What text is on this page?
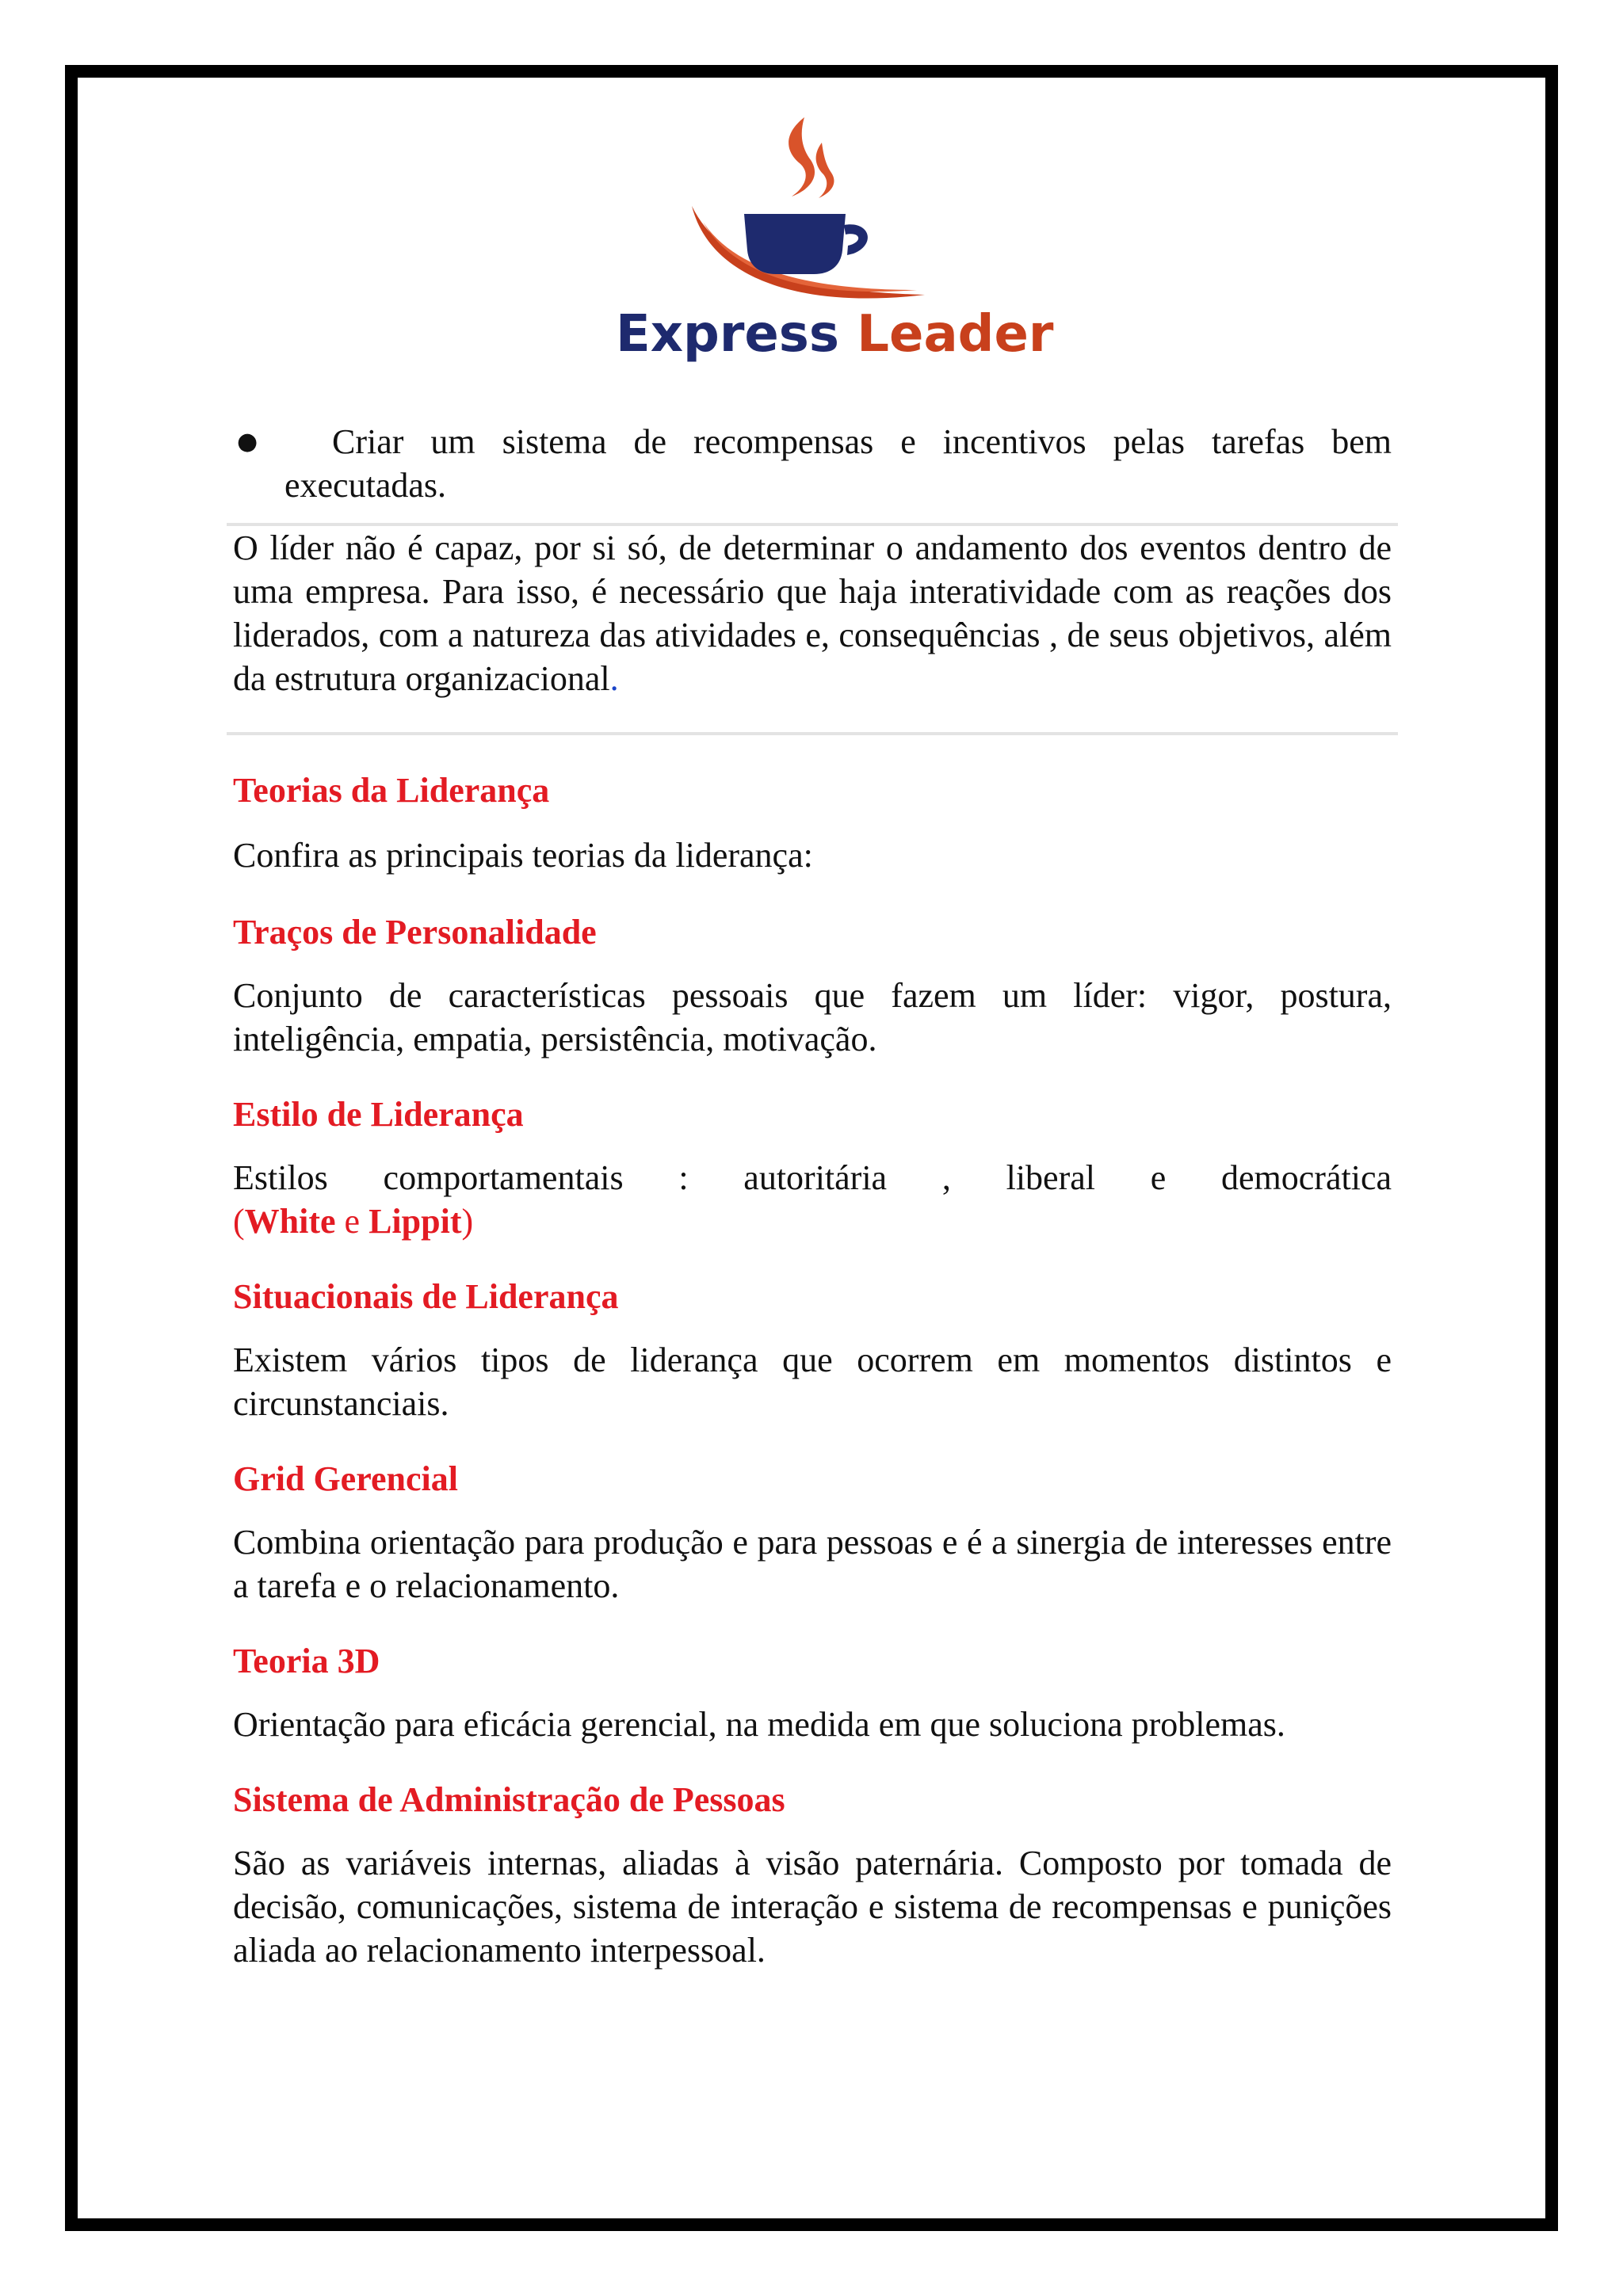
Express Leader
●	Criar um sistema de recompensas e incentivos pelas tarefas bem executadas.

O líder não é capaz, por si só, de determinar o andamento dos eventos dentro de uma empresa. Para isso, é necessário que haja interatividade com as reações dos liderados, com a natureza das atividades e, consequências , de seus objetivos, além da estrutura organizacional.

Teorias da Liderança

Confira as principais teorias da liderança:

Traços de Personalidade

Conjunto de características pessoais que fazem um líder: vigor, postura, inteligência, empatia, persistência, motivação.

Estilo de Liderança

Estilos comportamentais : autoritária , liberal e democrática

(White e Lippit)

Situacionais de Liderança

Existem vários tipos de liderança que ocorrem em momentos distintos e circunstanciais.

Grid Gerencial

Combina orientação para produção e para pessoas e é a sinergia de interesses entre a tarefa e o relacionamento.

Teoria 3D

Orientação para eficácia gerencial, na medida em que soluciona problemas.

Sistema de Administração de Pessoas

São as variáveis internas, aliadas à visão paternária. Composto por tomada de decisão, comunicações, sistema de interação e sistema de recompensas e punições aliada ao relacionamento interpessoal.
